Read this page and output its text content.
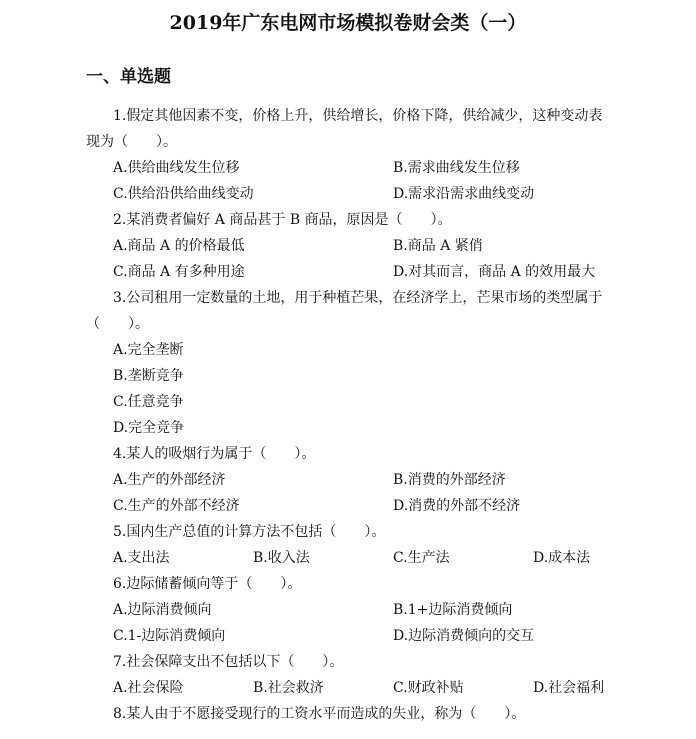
2019年广东电网市场模拟卷财会类（一）
一、单选题
1.假定其他因素不变，价格上升，供给增长，价格下降，供给减少，这种变动表
现为（　　）。
A.供给曲线发生位移	B.需求曲线发生位移
C.供给沿供给曲线变动	D.需求沿需求曲线变动
2.某消费者偏好 A 商品甚于 B 商品，原因是（　　）。
A.商品 A 的价格最低	B.商品 A 紧俏
C.商品 A 有多种用途	D.对其而言，商品 A 的效用最大
3.公司租用一定数量的土地，用于种植芒果，在经济学上，芒果市场的类型属于
（　　）。
A.完全垄断
B.垄断竞争
C.任意竞争
D.完全竞争
4.某人的吸烟行为属于（　　）。
A.生产的外部经济	B.消费的外部经济
C.生产的外部不经济	D.消费的外部不经济
5.国内生产总值的计算方法不包括（　　）。
A.支出法	B.收入法	C.生产法	D.成本法
6.边际储蓄倾向等于（　　）。
A.边际消费倾向	B.1+边际消费倾向
C.1-边际消费倾向	D.边际消费倾向的交互
7.社会保障支出不包括以下（　　）。
A.社会保险	B.社会救济	C.财政补贴	D.社会福利
8.某人由于不愿接受现行的工资水平而造成的失业，称为（　　）。
